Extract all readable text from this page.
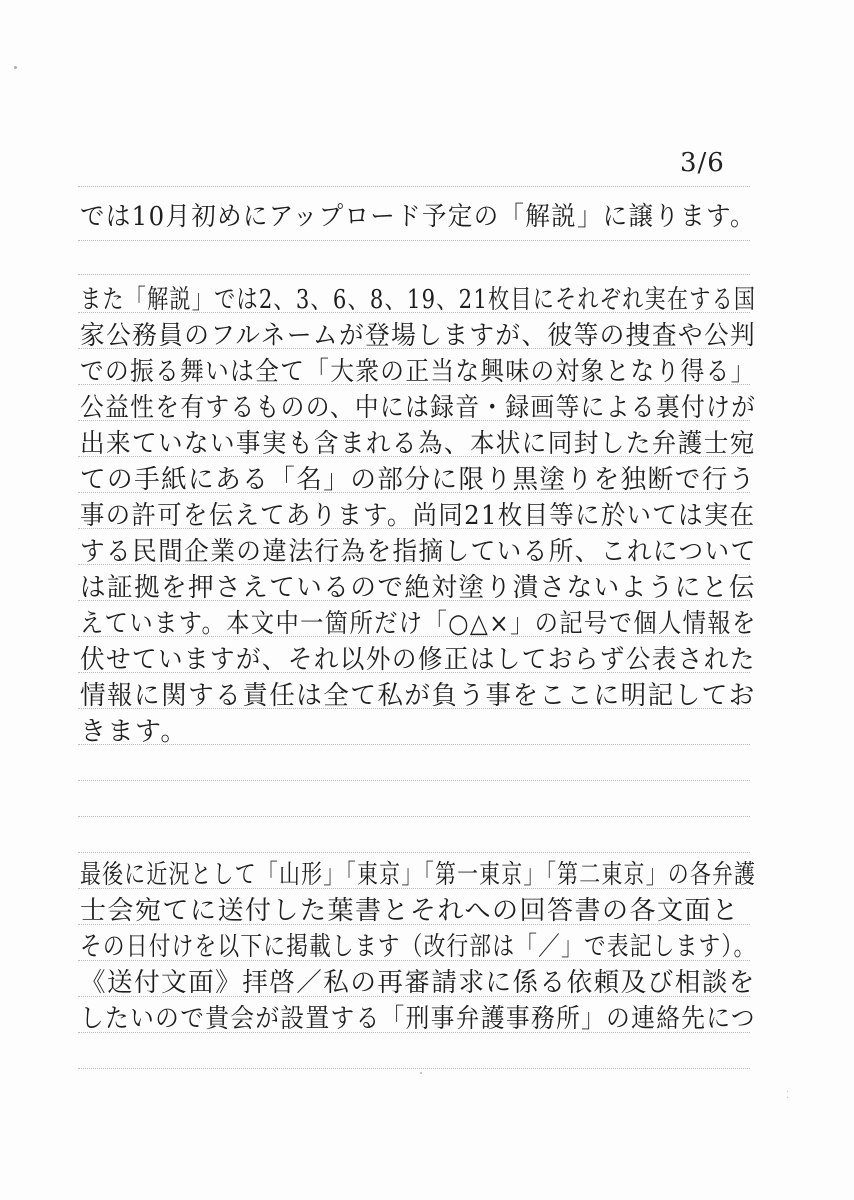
3/6
では10月初めにアップロード予定の「解説」に譲ります。
また「解説」では2、3、6、8、19、21枚目にそれぞれ実在する国
家公務員のフルネームが登場しますが、彼等の捜査や公判
での振る舞いは全て「大衆の正当な興味の対象となり得る」
公益性を有するものの、中には録音・録画等による裏付けが
出来ていない事実も含まれる為、本状に同封した弁護士宛
ての手紙にある「名」の部分に限り黒塗りを独断で行う
事の許可を伝えてあります。尚同21枚目等に於いては実在
する民間企業の違法行為を指摘している所、これについて
は証拠を押さえているので絶対塗り潰さないようにと伝
えています。本文中一箇所だけ「○△×」の記号で個人情報を
伏せていますが、それ以外の修正はしておらず公表された
情報に関する責任は全て私が負う事をここに明記してお
きます。
最後に近況として「山形」「東京」「第一東京」「第二東京」の各弁護
士会宛てに送付した葉書とそれへの回答書の各文面と
その日付けを以下に掲載します（改行部は「／」で表記します）。
《送付文面》拝啓／私の再審請求に係る依頼及び相談を
したいので貴会が設置する「刑事弁護事務所」の連絡先につ
⁚
